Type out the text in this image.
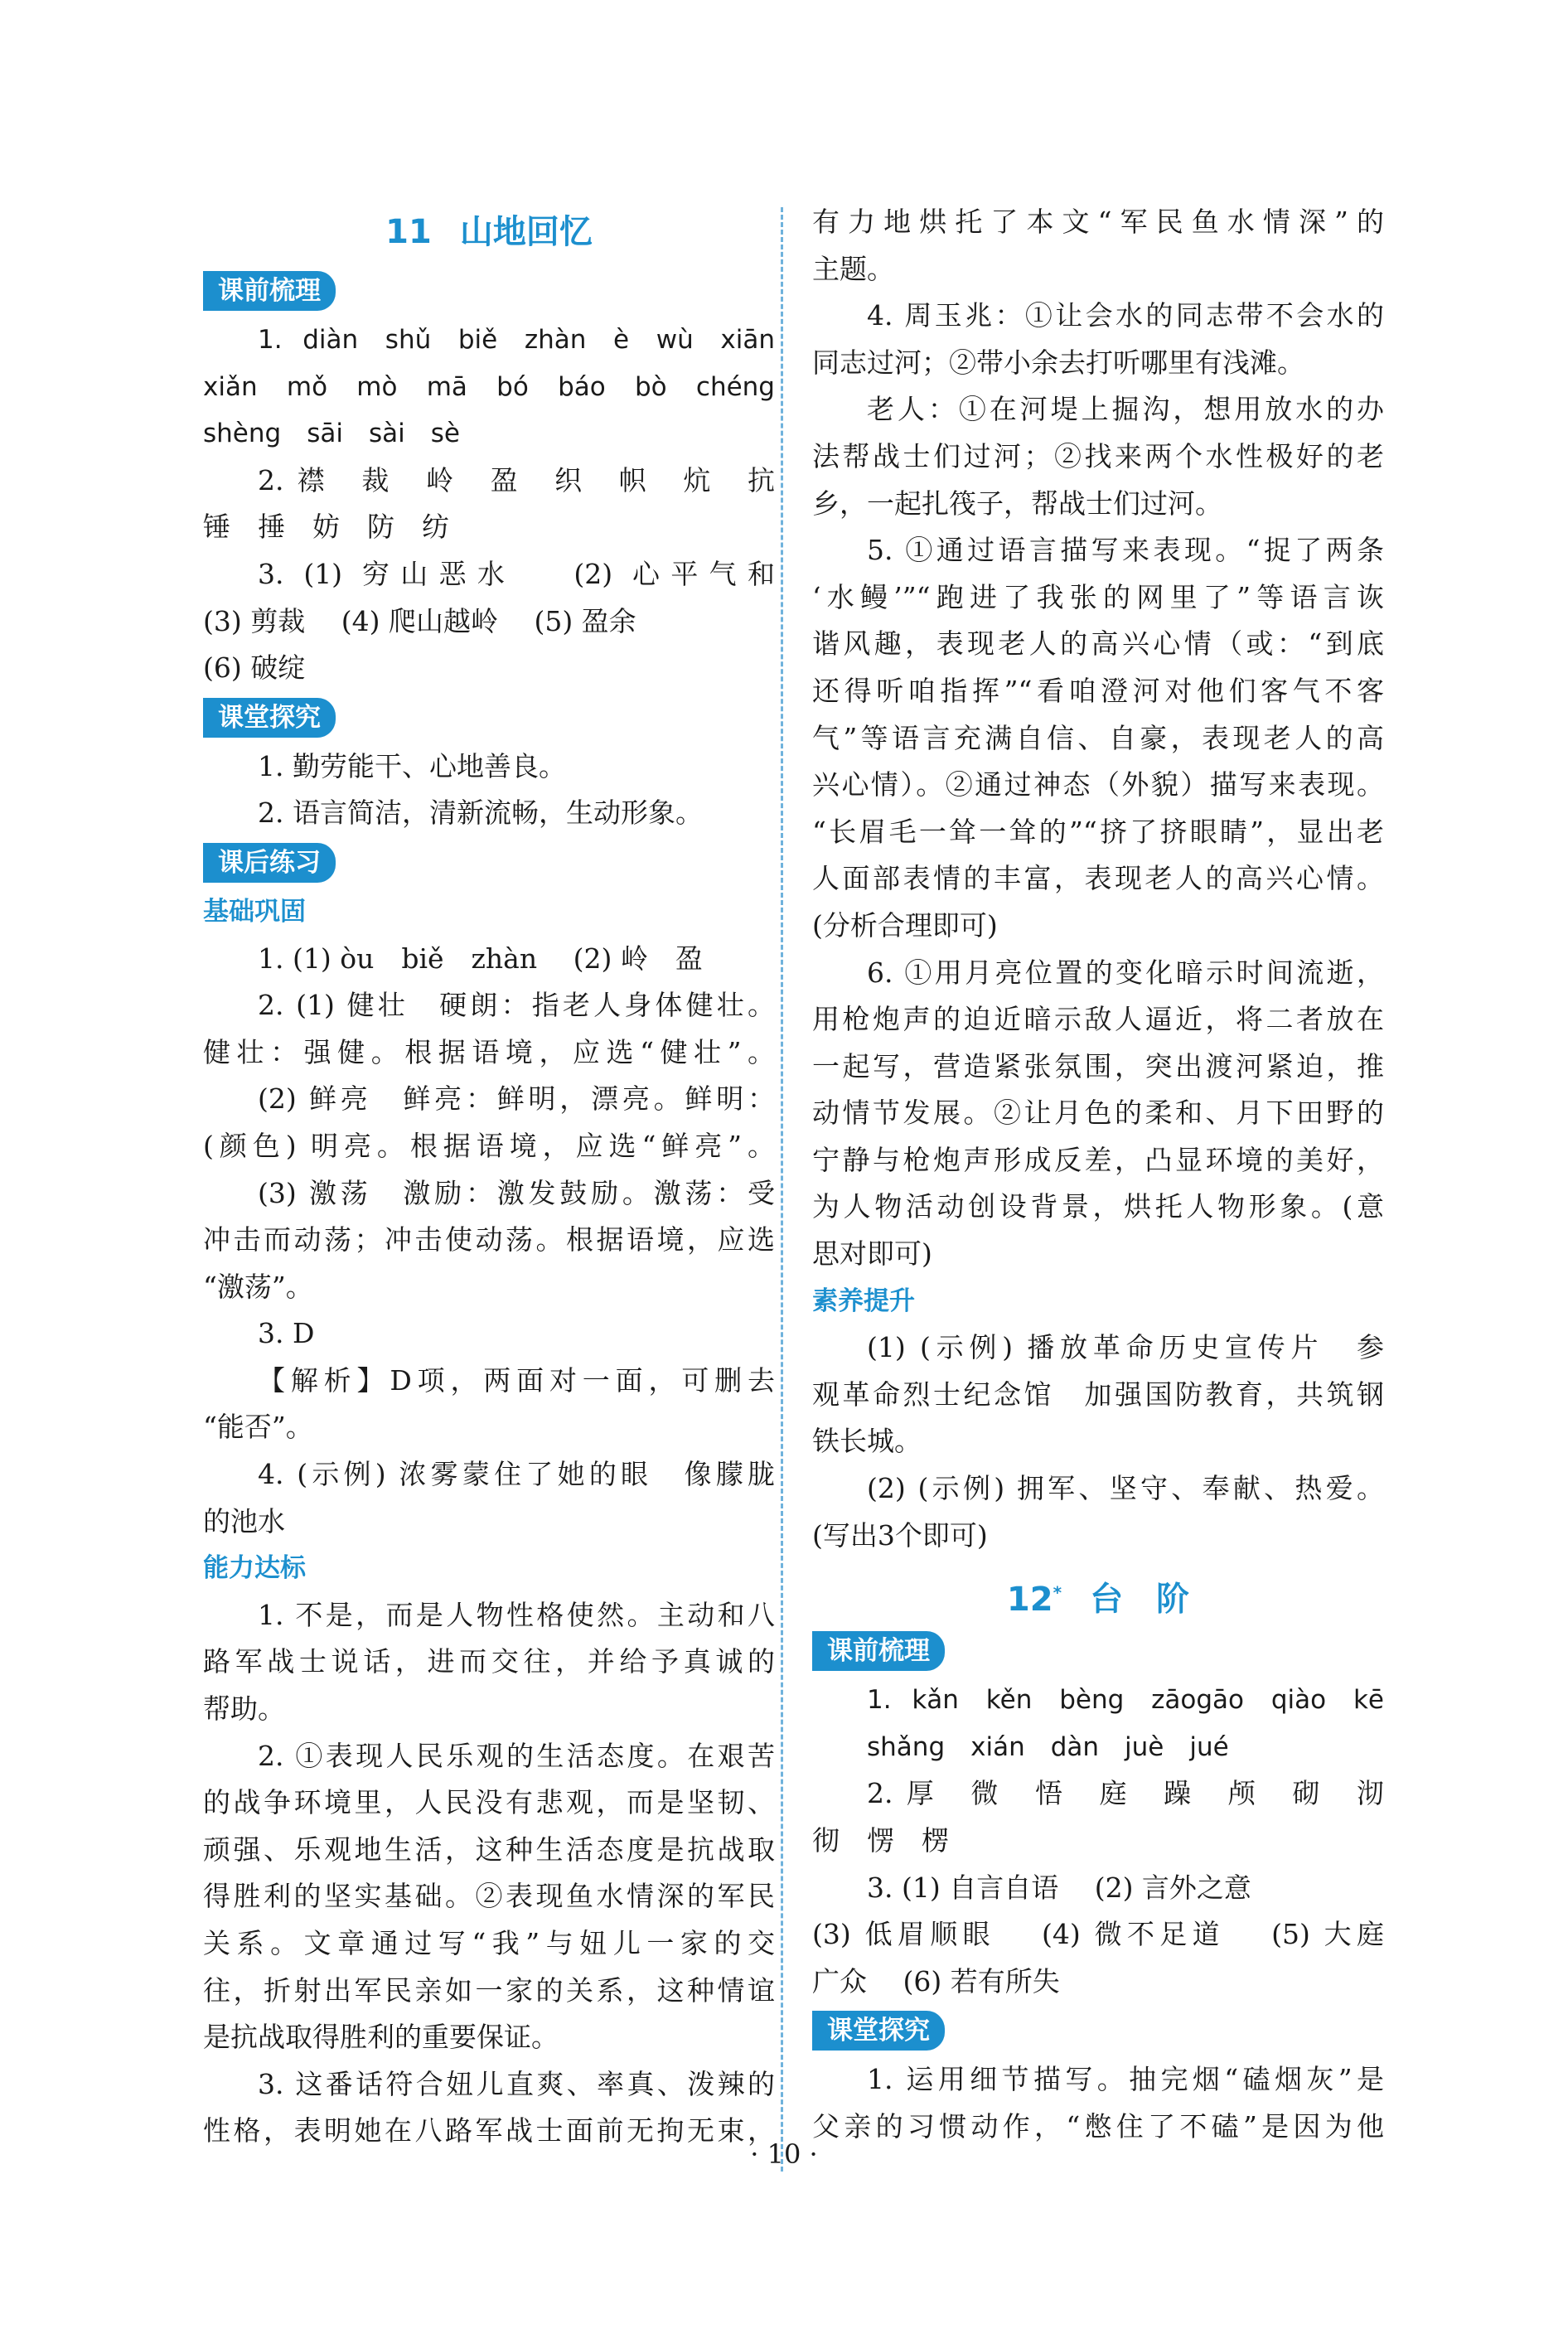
11 山地回忆
课前梳理
1. diàn　shǔ　biě　zhàn　è　wù　xiān
xiǎn　mǒ　mò　mā　bó　báo　bò　chéng
shèng　sāi　sài　sè
2. 襟　裁　岭　盈　织　帜　炕　抗
锤　捶　妨　防　纺
3. (1) 穷山恶水　 (2) 心平气和
(3) 剪裁　 (4) 爬山越岭　 (5) 盈余
(6) 破绽
课堂探究
1. 勤劳能干、心地善良。
2. 语言简洁，清新流畅，生动形象。
课后练习
基础巩固
1. (1) òu　biě　zhàn　 (2) 岭　盈
2. (1) 健壮　硬朗：指老人身体健壮。
健壮：强健。根据语境，应选“健壮”。
(2) 鲜亮　鲜亮：鲜明，漂亮。鲜明：
(颜色) 明亮。根据语境，应选“鲜亮”。
(3) 激荡　激励：激发鼓励。激荡：受
冲击而动荡；冲击使动荡。根据语境，应选
“激荡”。
3. D
【解析】D项，两面对一面，可删去
“能否”。
4. (示例) 浓雾蒙住了她的眼　像朦胧
的池水
能力达标
1. 不是，而是人物性格使然。主动和八
路军战士说话，进而交往，并给予真诚的
帮助。
2. ①表现人民乐观的生活态度。在艰苦
的战争环境里，人民没有悲观，而是坚韧、
顽强、乐观地生活，这种生活态度是抗战取
得胜利的坚实基础。②表现鱼水情深的军民
关系。文章通过写“我”与妞儿一家的交
往，折射出军民亲如一家的关系，这种情谊
是抗战取得胜利的重要保证。
3. 这番话符合妞儿直爽、率真、泼辣的
性格，表明她在八路军战士面前无拘无束，
有力地烘托了本文“军民鱼水情深”的
主题。
4. 周玉兆：①让会水的同志带不会水的
同志过河；②带小余去打听哪里有浅滩。
老人：①在河堤上掘沟，想用放水的办
法帮战士们过河；②找来两个水性极好的老
乡，一起扎筏子，帮战士们过河。
5. ①通过语言描写来表现。“捉了两条
‘水鳗’”“跑进了我张的网里了”等语言诙
谐风趣，表现老人的高兴心情（或：“到底
还得听咱指挥”“看咱澄河对他们客气不客
气”等语言充满自信、自豪，表现老人的高
兴心情）。②通过神态（外貌）描写来表现。
“长眉毛一耸一耸的”“挤了挤眼睛”，显出老
人面部表情的丰富，表现老人的高兴心情。
(分析合理即可)
6. ①用月亮位置的变化暗示时间流逝，
用枪炮声的迫近暗示敌人逼近，将二者放在
一起写，营造紧张氛围，突出渡河紧迫，推
动情节发展。②让月色的柔和、月下田野的
宁静与枪炮声形成反差，凸显环境的美好，
为人物活动创设背景，烘托人物形象。(意
思对即可)
素养提升
(1) (示例) 播放革命历史宣传片　参
观革命烈士纪念馆　加强国防教育，共筑钢
铁长城。
(2) (示例) 拥军、坚守、奉献、热爱。
(写出3个即可)
12* 台　阶
课前梳理
1. kǎn　kěn　bèng　zāogāo　qiào　kē
shǎng　xián　dàn　juè　jué
2. 厚　微　悟　庭　躁　颅　砌　沏
彻　愣　楞
3. (1) 自言自语　 (2) 言外之意
(3) 低眉顺眼　 (4) 微不足道　 (5) 大庭
广众　 (6) 若有所失
课堂探究
1. 运用细节描写。抽完烟“磕烟灰”是
父亲的习惯动作，“憋住了不磕”是因为他
· 10 ·
